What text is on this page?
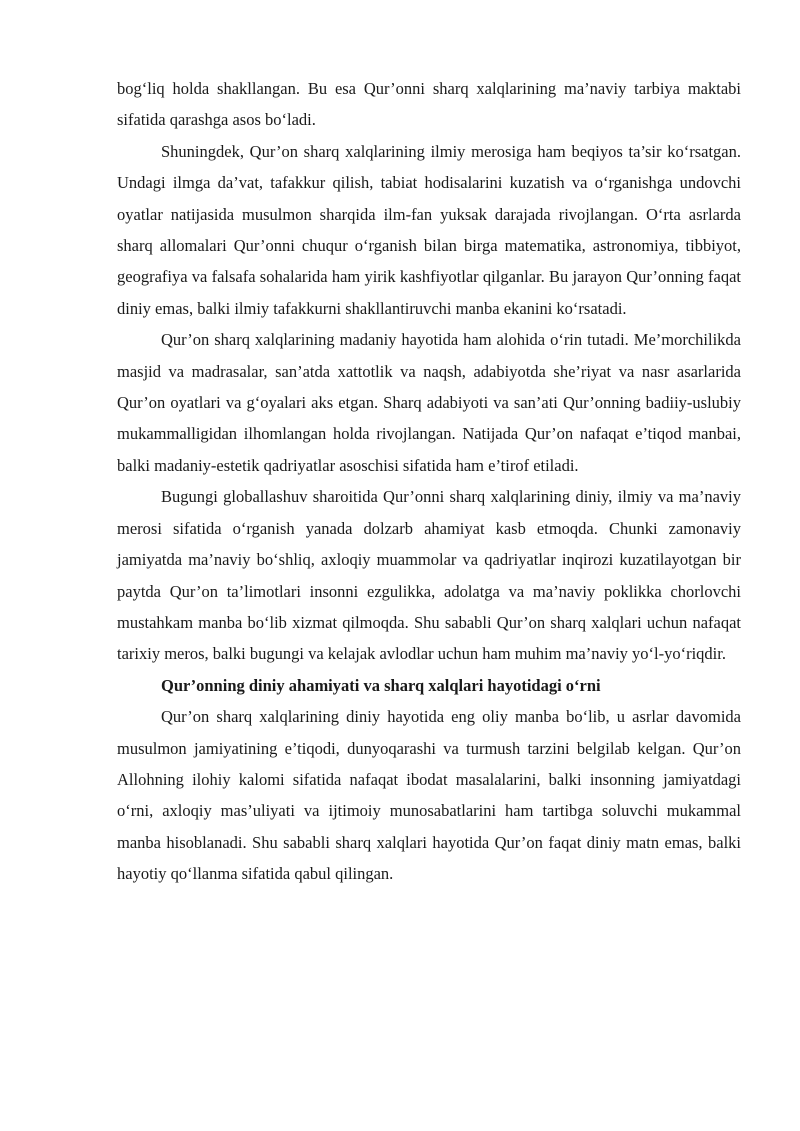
bog‘liq holda shakllangan. Bu esa Qur’onni sharq xalqlarining ma’naviy tarbiya maktabi sifatida qarashga asos bo‘ladi.

Shuningdek, Qur’on sharq xalqlarining ilmiy merosiga ham beqiyos ta’sir ko‘rsatgan. Undagi ilmga da’vat, tafakkur qilish, tabiat hodisalarini kuzatish va o‘rganishga undovchi oyatlar natijasida musulmon sharqida ilm-fan yuksak darajada rivojlangan. O‘rta asrlarda sharq allomalari Qur’onni chuqur o‘rganish bilan birga matematika, astronomiya, tibbiyot, geografiya va falsafa sohalarida ham yirik kashfiyotlar qilganlar. Bu jarayon Qur’onning faqat diniy emas, balki ilmiy tafakkurni shakllantiruvchi manba ekanini ko‘rsatadi.

Qur’on sharq xalqlarining madaniy hayotida ham alohida o‘rin tutadi. Me’morchilikda masjid va madrasalar, san’atda xattotlik va naqsh, adabiyotda she’riyat va nasr asarlarida Qur’on oyatlari va g‘oyalari aks etgan. Sharq adabiyoti va san’ati Qur’onning badiiy-uslubiy mukammalligidan ilhomlangan holda rivojlangan. Natijada Qur’on nafaqat e’tiqod manbai, balki madaniy-estetik qadriyatlar asoschisi sifatida ham e’tirof etiladi.

Bugungi globallashuv sharoitida Qur’onni sharq xalqlarining diniy, ilmiy va ma’naviy merosi sifatida o‘rganish yanada dolzarb ahamiyat kasb etmoqda. Chunki zamonaviy jamiyatda ma’naviy bo‘shliq, axloqiy muammolar va qadriyatlar inqirozi kuzatilayotgan bir paytda Qur’on ta’limotlari insonni ezgulikka, adolatga va ma’naviy poklikka chorlovchi mustahkam manba bo‘lib xizmat qilmoqda. Shu sababli Qur’on sharq xalqlari uchun nafaqat tarixiy meros, balki bugungi va kelajak avlodlar uchun ham muhim ma’naviy yo‘l-yo‘riqdir.

Qur’onning diniy ahamiyati va sharq xalqlari hayotidagi o‘rni

Qur’on sharq xalqlarining diniy hayotida eng oliy manba bo‘lib, u asrlar davomida musulmon jamiyatining e’tiqodi, dunyoqarashi va turmush tarzini belgilab kelgan. Qur’on Allohning ilohiy kalomi sifatida nafaqat ibodat masalalarini, balki insonning jamiyatdagi o‘rni, axloqiy mas’uliyati va ijtimoiy munosabatlarini ham tartibga soluvchi mukammal manba hisoblanadi. Shu sababli sharq xalqlari hayotida Qur’on faqat diniy matn emas, balki hayotiy qo‘llanma sifatida qabul qilingan.
